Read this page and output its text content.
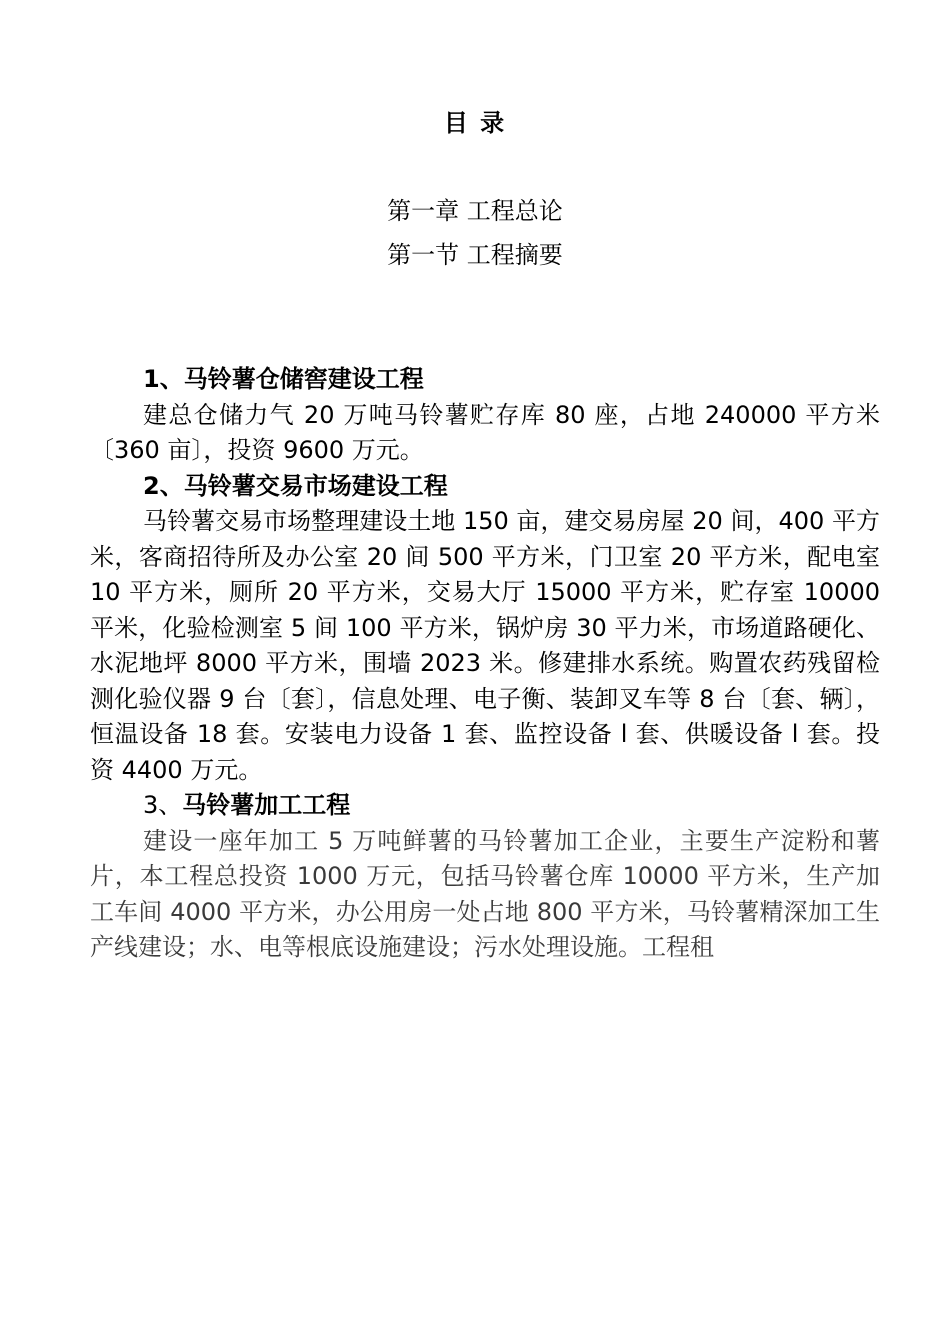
目 录
第一章 工程总论
第一节 工程摘要

1、马铃薯仓储窖建设工程

建总仓储力气 20 万吨马铃薯贮存库 80 座，占地 240000 平方米〔360 亩〕，投资 9600 万元。

2、马铃薯交易市场建设工程

马铃薯交易市场整理建设土地 150 亩，建交易房屋 20 间，400 平方米，客商招待所及办公室 20 间 500 平方米，门卫室 20 平方米，配电室 10 平方米，厕所 20 平方米，交易大厅 15000 平方米，贮存室 10000 平米，化验检测室 5 间 100 平方米，锅炉房 30 平力米，市场道路硬化、水泥地坪 8000 平方米，围墙 2023 米。修建排水系统。购置农药残留检测化验仪器 9 台〔套〕，信息处理、电子衡、装卸叉车等 8 台〔套、辆〕，恒温设备 18 套。安装电力设备 1 套、监控设备 l 套、供暖设备 l 套。投资 4400 万元。

3、马铃薯加工工程

建设一座年加工 5 万吨鲜薯的马铃薯加工企业，主要生产淀粉和薯片，本工程总投资 1000 万元，包括马铃薯仓库 10000 平方米，生产加工车间 4000 平方米，办公用房一处占地 800 平方米，马铃薯精深加工生产线建设；水、电等根底设施建设；污水处理设施。工程租
